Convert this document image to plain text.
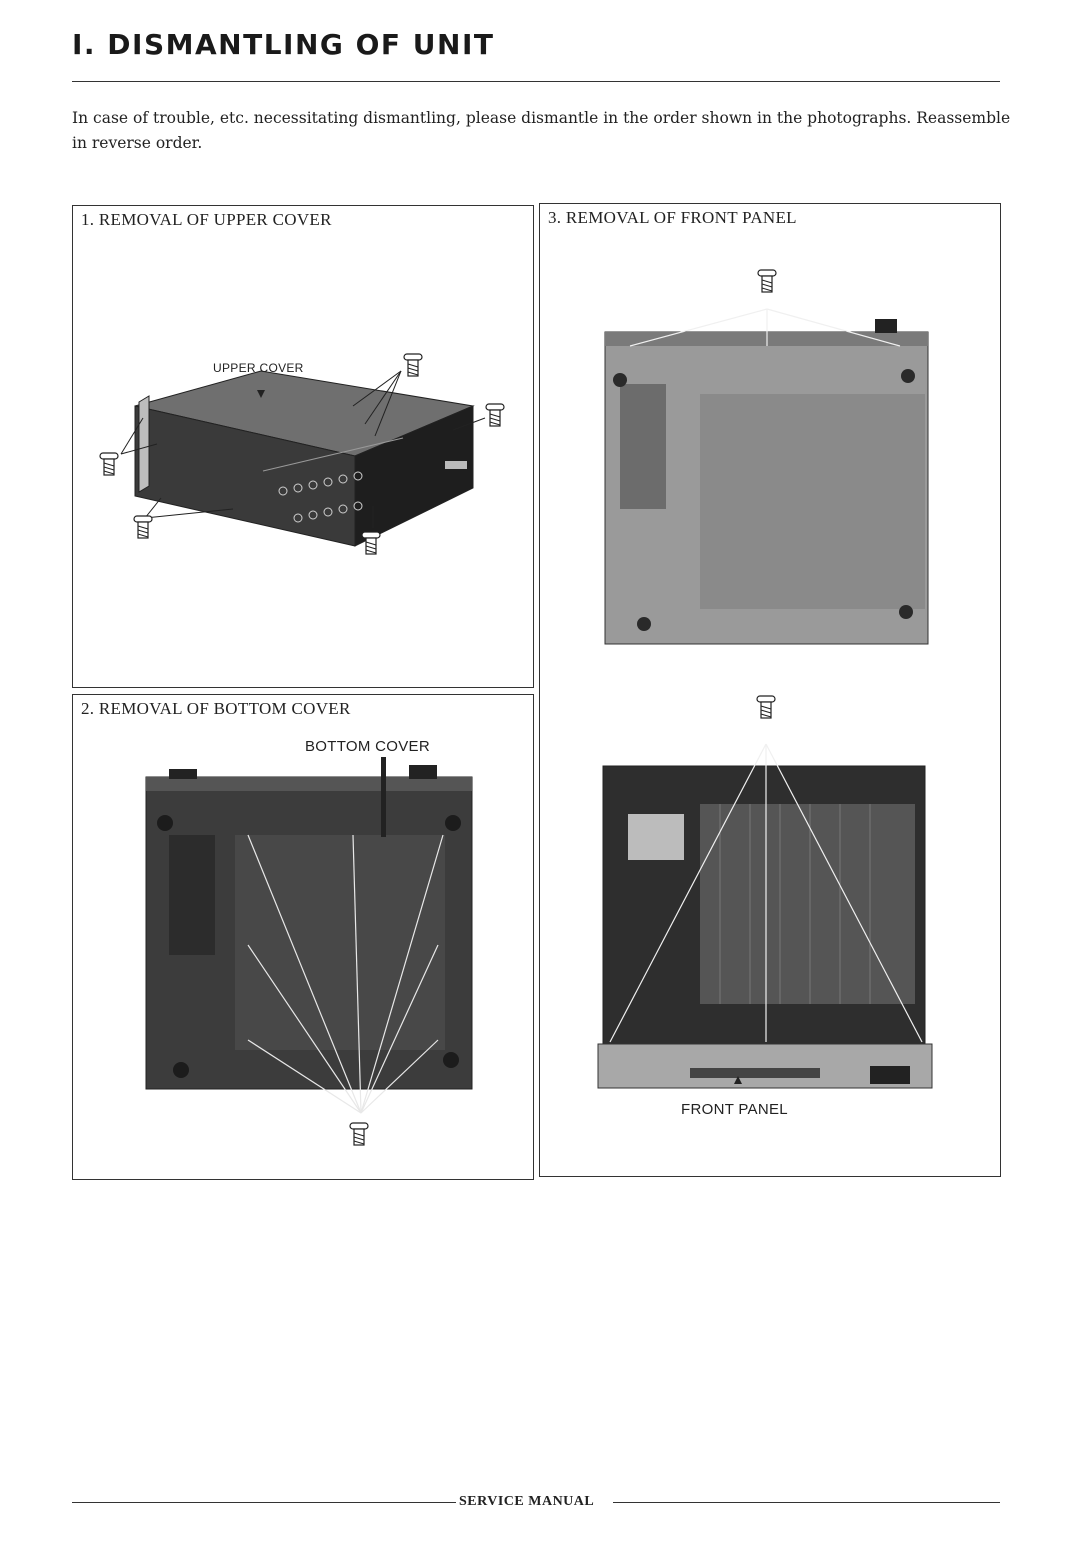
I. DISMANTLING OF UNIT

In case of trouble, etc. necessitating dismantling, please dismantle in the order shown in the photographs. Reassemble in reverse order.

1. REMOVAL OF UPPER COVER
UPPER COVER
2. REMOVAL OF BOTTOM COVER
BOTTOM COVER
3. REMOVAL OF FRONT PANEL
FRONT PANEL
SERVICE MANUAL
